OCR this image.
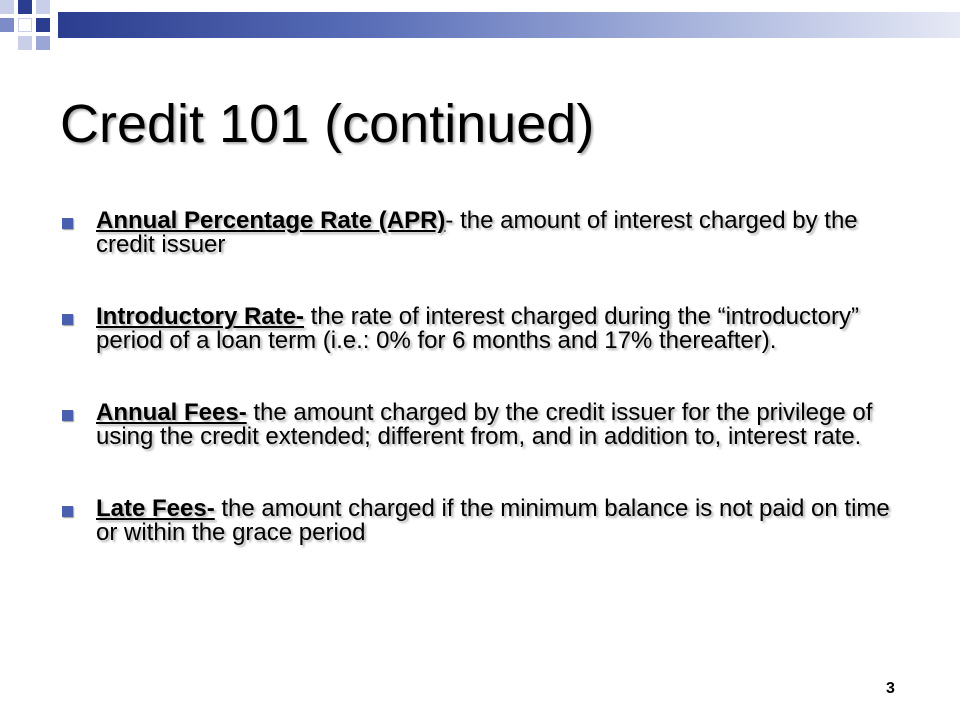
Credit 101 (continued)
Annual Percentage Rate (APR)- the amount of interest charged by the credit issuer
Introductory Rate- the rate of interest charged during the “introductory” period of a loan term (i.e.: 0% for 6 months and 17% thereafter).
Annual Fees- the amount charged by the credit issuer for the privilege of using the credit extended; different from, and in addition to, interest rate.
Late Fees- the amount charged if the minimum balance is not paid on time or within the grace period
3
